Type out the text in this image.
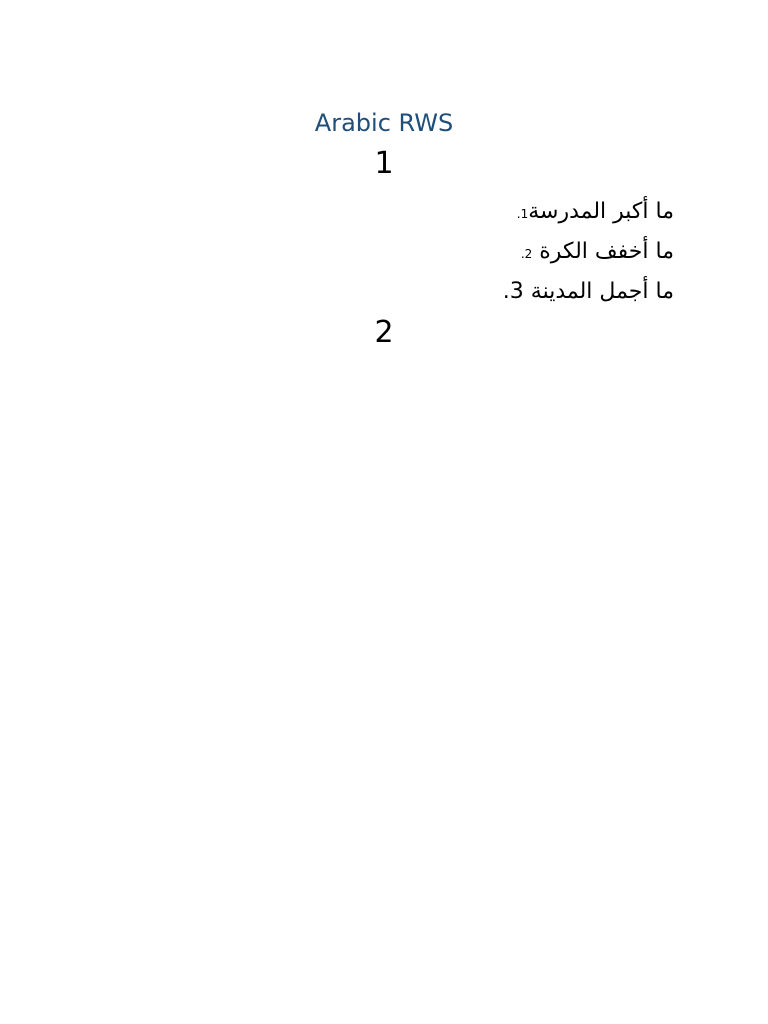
Arabic RWS
1
ما أكبر المدرسة1.
ما أخفف الكرة 2.
ما أجمل المدينة 3.
2
